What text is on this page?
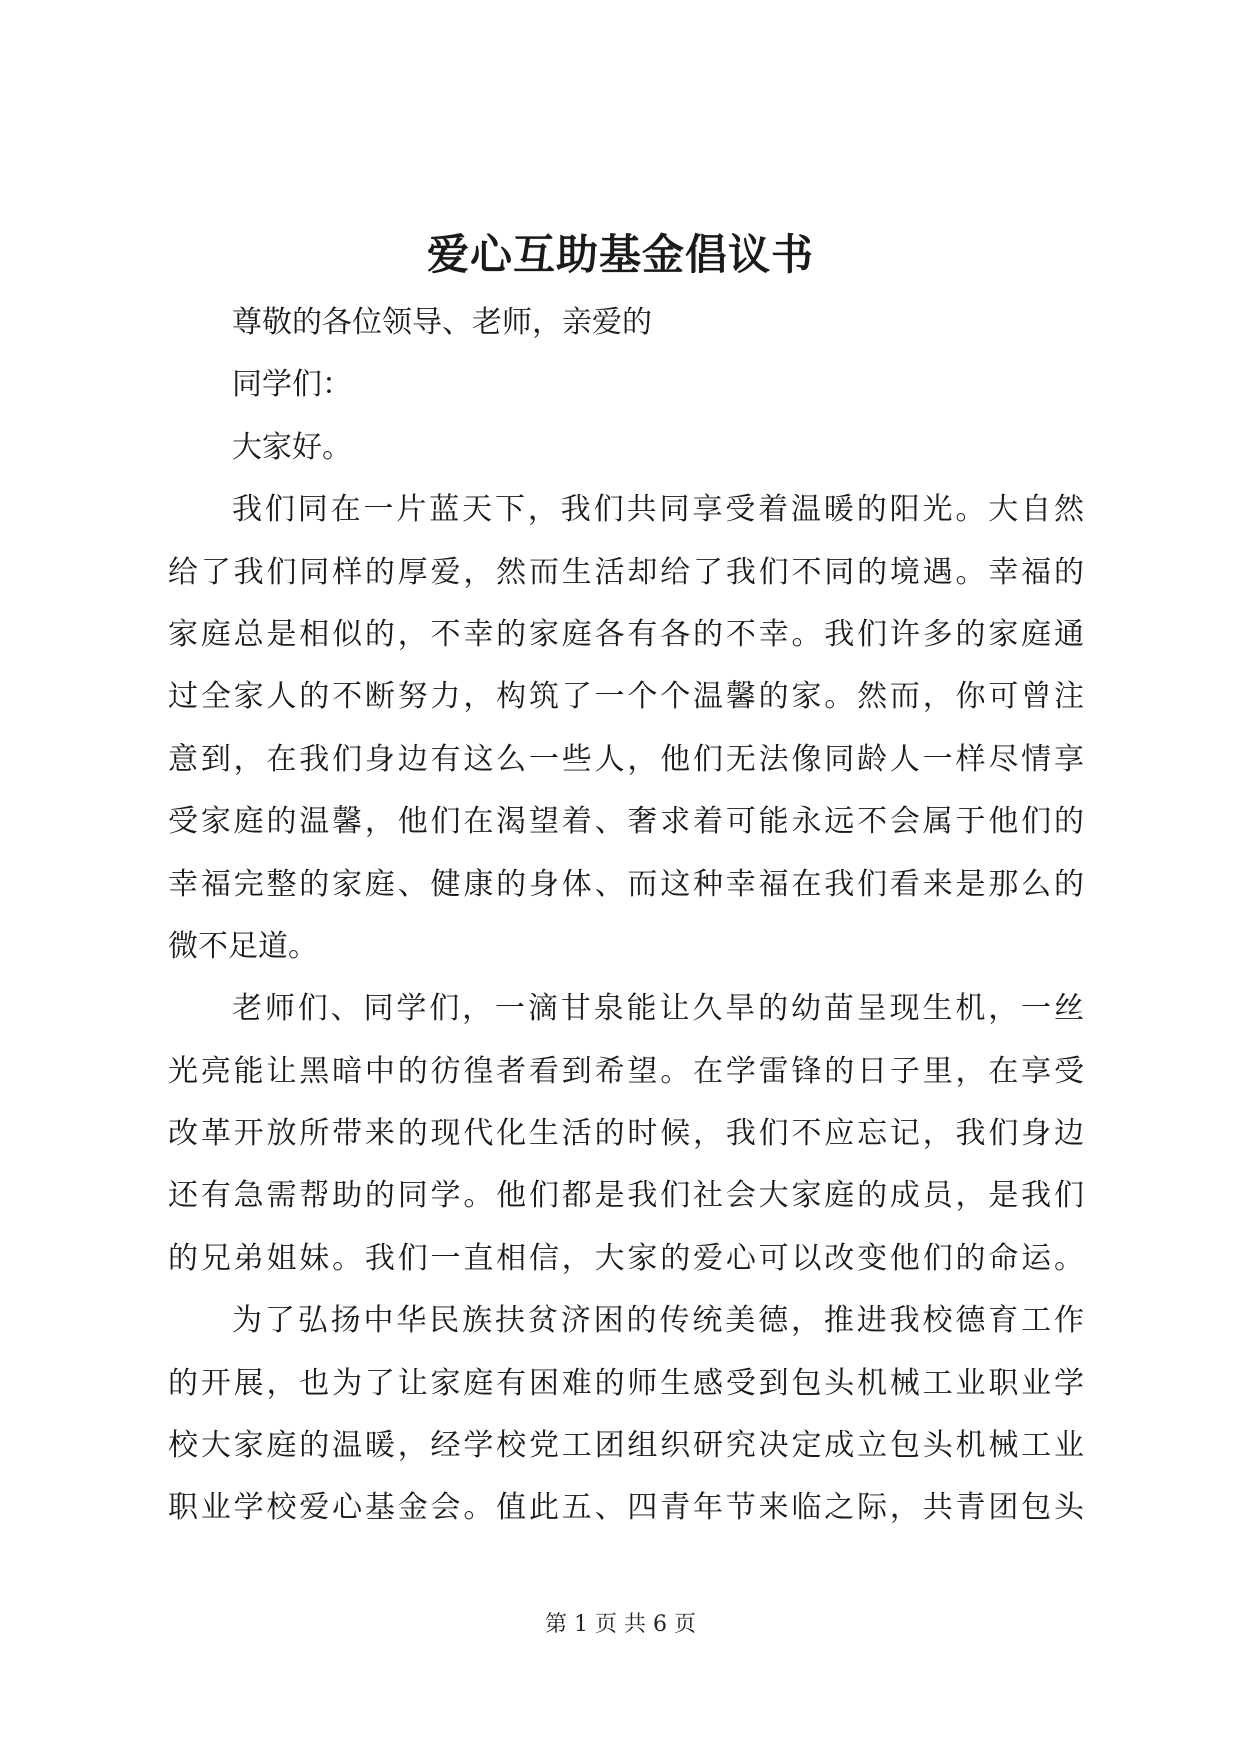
爱心互助基金倡议书
尊敬的各位领导、老师，亲爱的
同学们：
大家好。
我们同在一片蓝天下，我们共同享受着温暖的阳光。大自然
给了我们同样的厚爱，然而生活却给了我们不同的境遇。幸福的
家庭总是相似的，不幸的家庭各有各的不幸。我们许多的家庭通
过全家人的不断努力，构筑了一个个温馨的家。然而，你可曾注
意到，在我们身边有这么一些人，他们无法像同龄人一样尽情享
受家庭的温馨，他们在渴望着、奢求着可能永远不会属于他们的
幸福完整的家庭、健康的身体、而这种幸福在我们看来是那么的
微不足道。
老师们、同学们，一滴甘泉能让久旱的幼苗呈现生机，一丝
光亮能让黑暗中的彷徨者看到希望。在学雷锋的日子里，在享受
改革开放所带来的现代化生活的时候，我们不应忘记，我们身边
还有急需帮助的同学。他们都是我们社会大家庭的成员，是我们
的兄弟姐妹。我们一直相信，大家的爱心可以改变他们的命运。
为了弘扬中华民族扶贫济困的传统美德，推进我校德育工作
的开展，也为了让家庭有困难的师生感受到包头机械工业职业学
校大家庭的温暖，经学校党工团组织研究决定成立包头机械工业
职业学校爱心基金会。值此五、四青年节来临之际，共青团包头
第 1 页 共 6 页
